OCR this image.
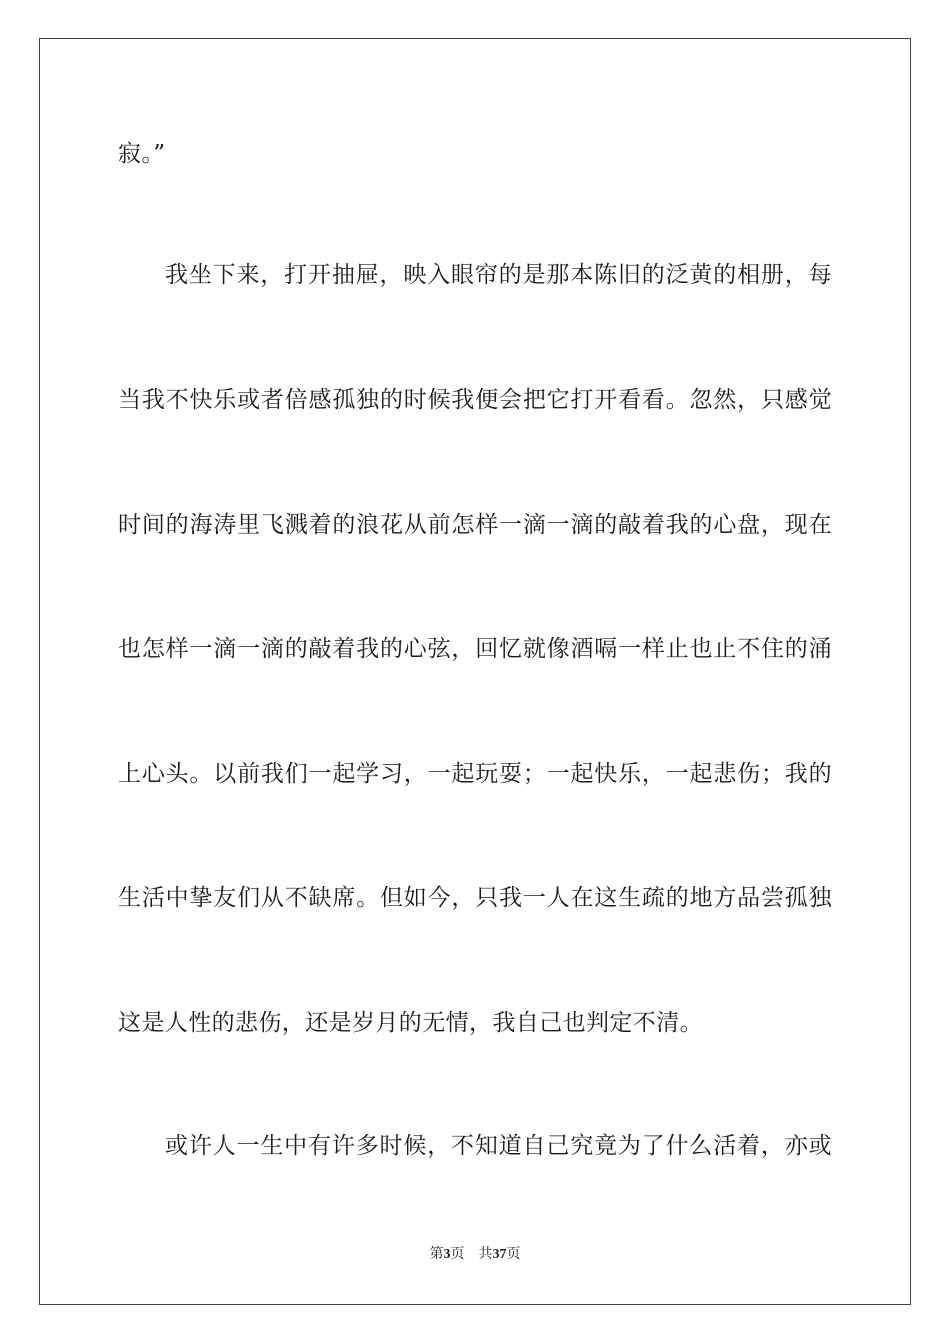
寂。”
我坐下来，打开抽屉，映入眼帘的是那本陈旧的泛黄的相册，每
当我不快乐或者倍感孤独的时候我便会把它打开看看。忽然，只感觉
时间的海涛里飞溅着的浪花从前怎样一滴一滴的敲着我的心盘，现在
也怎样一滴一滴的敲着我的心弦，回忆就像酒嗝一样止也止不住的涌
上心头。以前我们一起学习，一起玩耍；一起快乐，一起悲伤；我的
生活中挚友们从不缺席。但如今，只我一人在这生疏的地方品尝孤独
这是人性的悲伤，还是岁月的无情，我自己也判定不清。
或许人一生中有许多时候，不知道自己究竟为了什么活着，亦或
第3页 共37页
